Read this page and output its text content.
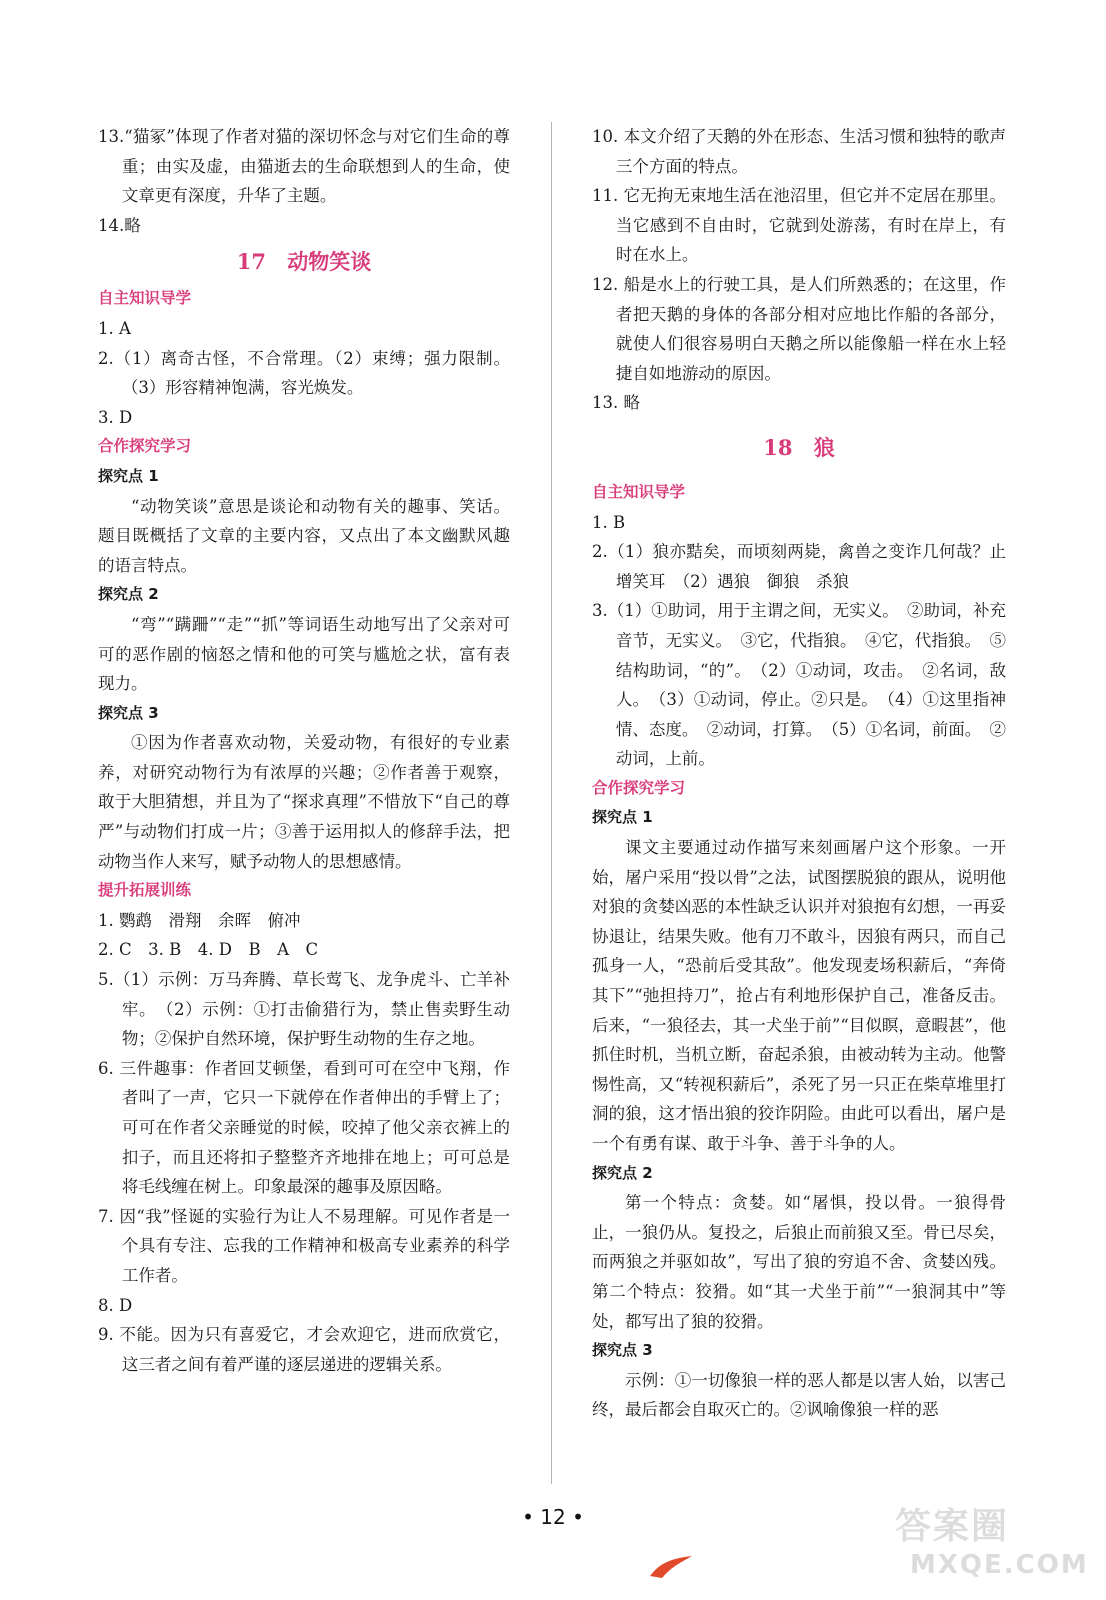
13.“猫冢”体现了作者对猫的深切怀念与对它们生命的尊重；由实及虚，由猫逝去的生命联想到人的生命，使文章更有深度，升华了主题。

14.略

17 动物笑谈

自主知识导学

1. A

2.（1）离奇古怪，不合常理。（2）束缚；强力限制。（3）形容精神饱满，容光焕发。

3. D

合作探究学习

探究点 1

“动物笑谈”意思是谈论和动物有关的趣事、笑话。题目既概括了文章的主要内容，又点出了本文幽默风趣的语言特点。

探究点 2

“弯”“蹒跚”“走”“抓”等词语生动地写出了父亲对可可的恶作剧的恼怒之情和他的可笑与尴尬之状，富有表现力。

探究点 3

①因为作者喜欢动物，关爱动物，有很好的专业素养，对研究动物行为有浓厚的兴趣；②作者善于观察，敢于大胆猜想，并且为了“探求真理”不惜放下“自己的尊严”与动物们打成一片；③善于运用拟人的修辞手法，把动物当作人来写，赋予动物人的思想感情。

提升拓展训练

1. 鹦鹉　滑翔　余晖　俯冲

2. C　3. B　4. D　B　A　C

5.（1）示例：万马奔腾、草长莺飞、龙争虎斗、亡羊补牢。　（2）示例：①打击偷猎行为，禁止售卖野生动物；②保护自然环境，保护野生动物的生存之地。

6. 三件趣事：作者回艾顿堡，看到可可在空中飞翔，作者叫了一声，它只一下就停在作者伸出的手臂上了；可可在作者父亲睡觉的时候，咬掉了他父亲衣裤上的扣子，而且还将扣子整整齐齐地排在地上；可可总是将毛线缠在树上。印象最深的趣事及原因略。

7. 因“我”怪诞的实验行为让人不易理解。可见作者是一个具有专注、忘我的工作精神和极高专业素养的科学工作者。

8. D

9. 不能。因为只有喜爱它，才会欢迎它，进而欣赏它，这三者之间有着严谨的逐层递进的逻辑关系。

10. 本文介绍了天鹅的外在形态、生活习惯和独特的歌声三个方面的特点。

11. 它无拘无束地生活在池沼里，但它并不定居在那里。当它感到不自由时，它就到处游荡，有时在岸上，有时在水上。

12. 船是水上的行驶工具，是人们所熟悉的；在这里，作者把天鹅的身体的各部分相对应地比作船的各部分，就使人们很容易明白天鹅之所以能像船一样在水上轻捷自如地游动的原因。

13. 略

18 狼

自主知识导学

1. B

2.（1）狼亦黠矣，而顷刻两毙，禽兽之变诈几何哉？止增笑耳　（2）遇狼　御狼　杀狼

3.（1）①助词，用于主谓之间，无实义。　②助词，补充音节，无实义。　③它，代指狼。　④它，代指狼。　⑤结构助词，“的”。　（2）①动词，攻击。　②名词，敌人。　（3）①动词，停止。②只是。　（4）①这里指神情、态度。　②动词，打算。　（5）①名词，前面。　②动词，上前。

合作探究学习

探究点 1

课文主要通过动作描写来刻画屠户这个形象。一开始，屠户采用“投以骨”之法，试图摆脱狼的跟从，说明他对狼的贪婪凶恶的本性缺乏认识并对狼抱有幻想，一再妥协退让，结果失败。他有刀不敢斗，因狼有两只，而自己孤身一人，“恐前后受其敌”。他发现麦场积薪后，“奔倚其下”“弛担持刀”，抢占有利地形保护自己，准备反击。后来，“一狼径去，其一犬坐于前”“目似瞑，意暇甚”，他抓住时机，当机立断，奋起杀狼，由被动转为主动。他警惕性高，又“转视积薪后”，杀死了另一只正在柴草堆里打洞的狼，这才悟出狼的狡诈阴险。由此可以看出，屠户是一个有勇有谋、敢于斗争、善于斗争的人。

探究点 2

第一个特点：贪婪。如“屠惧，投以骨。一狼得骨止，一狼仍从。复投之，后狼止而前狼又至。骨已尽矣，而两狼之并驱如故”，写出了狼的穷追不舍、贪婪凶残。第二个特点：狡猾。如“其一犬坐于前”“一狼洞其中”等处，都写出了狼的狡猾。

探究点 3

示例：①一切像狼一样的恶人都是以害人始，以害己终，最后都会自取灭亡的。②讽喻像狼一样的恶

• 12 •	答案圈
MXQE.COM
